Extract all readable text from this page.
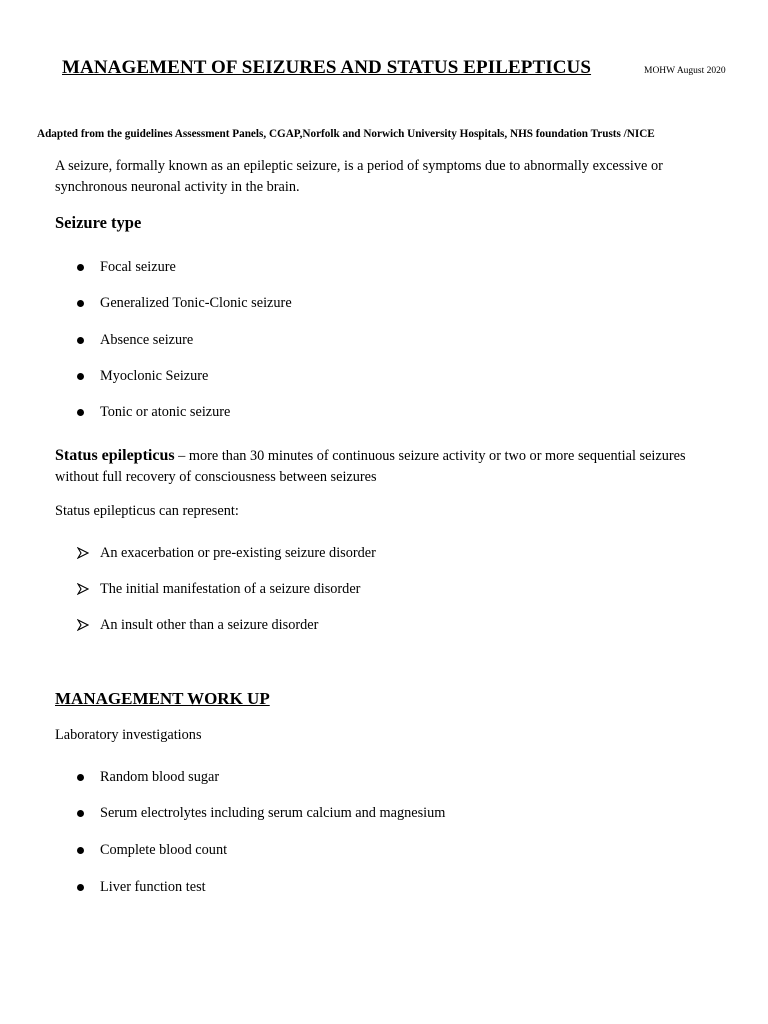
MANAGEMENT OF SEIZURES AND STATUS EPILEPTICUS	MOHW August 2020
Adapted from the guidelines Assessment Panels, CGAP,Norfolk and Norwich University Hospitals, NHS foundation Trusts /NICE
A seizure, formally known as an epileptic seizure, is a period of symptoms due to abnormally excessive or synchronous neuronal activity in the brain.
Seizure type
Focal seizure
Generalized Tonic-Clonic seizure
Absence seizure
Myoclonic Seizure
Tonic or atonic seizure
Status epilepticus – more than 30 minutes of continuous seizure activity or two or more sequential seizures without full recovery of consciousness between seizures
Status epilepticus can represent:
An exacerbation or pre-existing seizure disorder
The initial manifestation of a seizure disorder
An insult other than a seizure disorder
MANAGEMENT WORK UP
Laboratory investigations
Random blood sugar
Serum electrolytes including serum calcium and magnesium
Complete blood count
Liver function test
